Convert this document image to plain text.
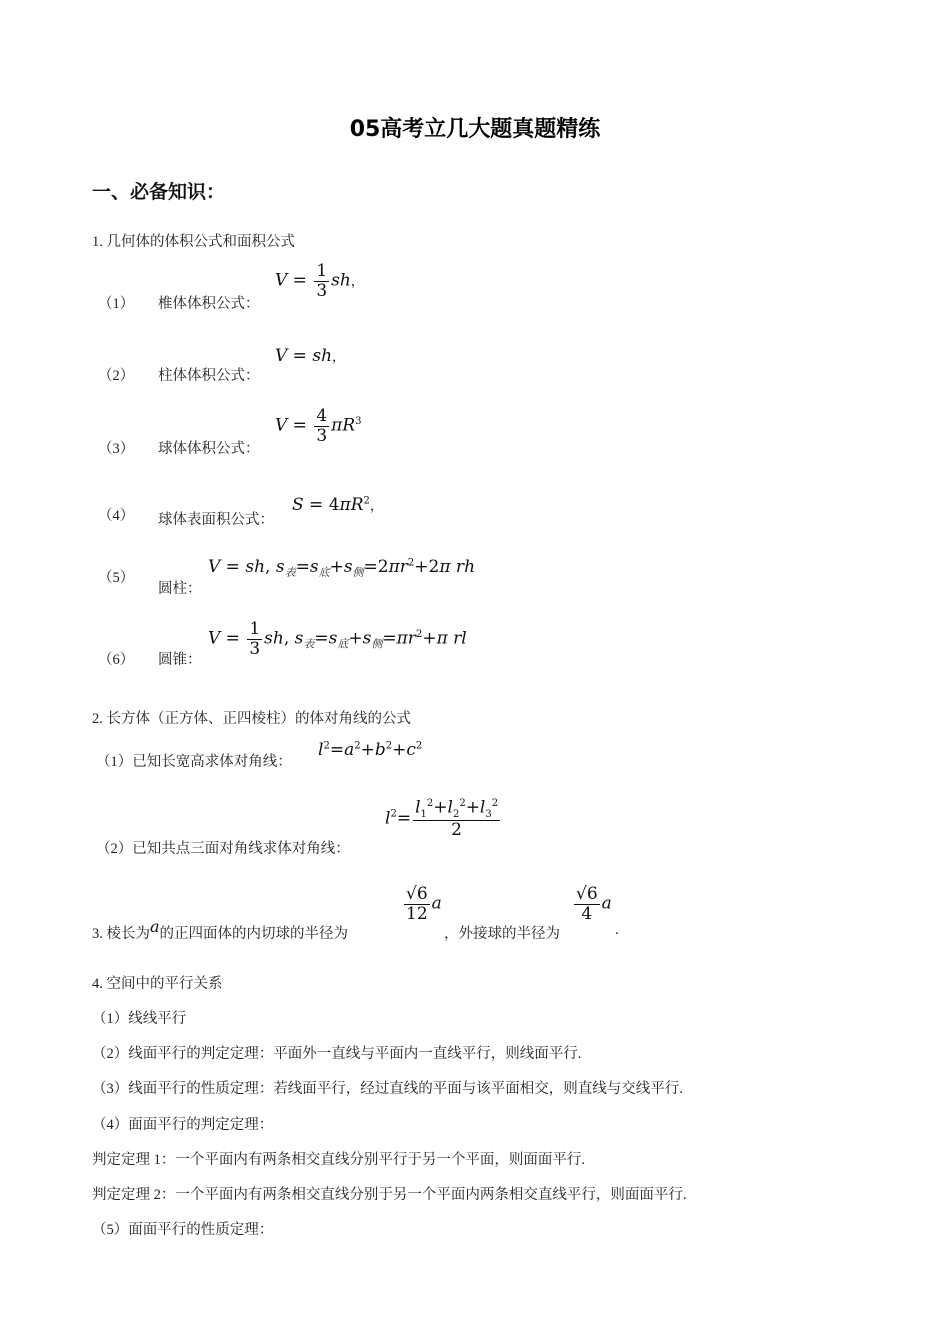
05高考立几大题真题精练
一、必备知识：
1. 几何体的体积公式和面积公式
（1） 椎体体积公式：
$V = \frac{1}{3}$ sh，
（2） 柱体体积公式：
V = sh，
（3） 球体体积公式：
$V = \frac{4}{3} \pi R^3$
（4） 球体表面积公式：
$S = 4\pi R^2$，
（5）
圆柱：
V = sh, $s_表=s_底+s_侧=2\pi r^2+2\pi$ rh
（6） 圆锥：
$V = \frac{1}{3}$ sh, $s_表=s_底+s_侧=\pi r^2+\pi$ rl
2. 长方体（正方体、正四棱柱）的体对角线的公式
（1）已知长宽高求体对角线：
$l^2=a^2+b^2+c^2$
（2）已知共点三面对角线求体对角线：
$l^2= \frac{l_1^2+l_2^2+l_3^2}{2}$
3. 棱长为a的正四面体的内切球的半径为
$\frac{√6}{12}$ a
，外接球的半径为
$\frac{√6}{4}$ a
.
4. 空间中的平行关系
（1）线线平行
（2）线面平行的判定定理：平面外一直线与平面内一直线平行，则线面平行.
（3）线面平行的性质定理：若线面平行，经过直线的平面与该平面相交，则直线与交线平行.
（4）面面平行的判定定理：
判定定理 1：一个平面内有两条相交直线分别平行于另一个平面，则面面平行.
判定定理 2：一个平面内有两条相交直线分别于另一个平面内两条相交直线平行，则面面平行.
（5）面面平行的性质定理：
